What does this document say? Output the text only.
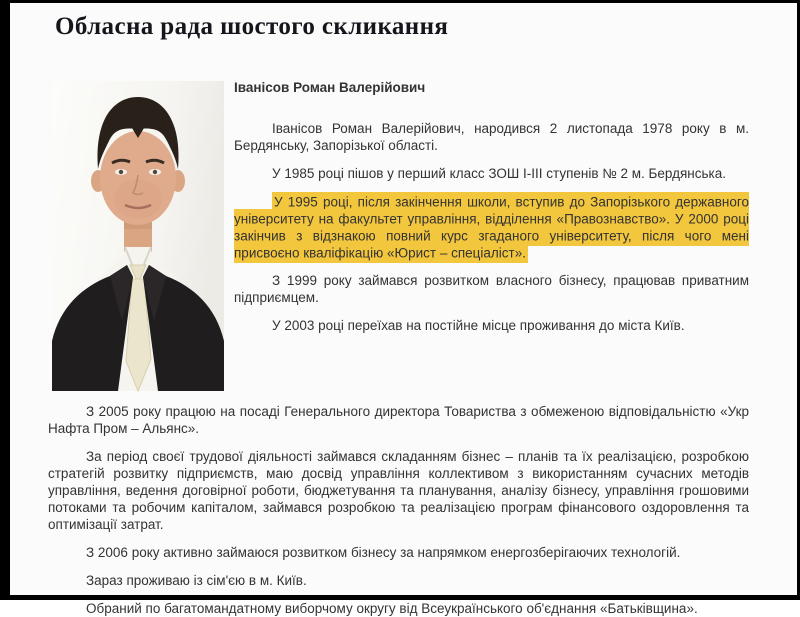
Обласна рада шостого скликання

Іванісов Роман Валерійович

Іванісов Роман Валерійович, народився 2 листопада 1978 року в м. Бердянську, Запорізької області.

У 1985 році пішов у перший класс ЗОШ І-ІІІ ступенів № 2 м. Бердянська.

У 1995 році, після закінчення школи, вступив до Запорізького державного університету на факультет управління, відділення «Правознавство». У 2000 році закінчив з відзнакою повний курс згаданого університету, після чого мені присвоєно кваліфікацію «Юрист – спеціаліст».

З 1999 року займався розвитком власного бізнесу, працював приватним підприємцем.

У 2003 році переїхав на постійне місце проживання до міста Київ.

З 2005 року працюю на посаді Генерального директора Товариства з обмеженою відповідальністю «Укр Нафта Пром – Альянс».

За період своєї трудової діяльності займався складанням бізнес – планів та їх реалізацією, розробкою стратегій розвитку підприємств, маю досвід управління коллективом з використанням сучасних методів управління, ведення договірної роботи, бюджетування та планування, аналізу бізнесу, управління грошовими потоками та робочим капіталом, займався розробкою та реалізацією програм фінансового оздоровлення та оптимізації затрат.

З 2006 року активно займаюся розвитком бізнесу за напрямком енергозберігаючих технологій.

Зараз проживаю із сім'єю в м. Київ.

Обраний по багатомандатному виборчому округу від Всеукраїнського об'єднання «Батьківщина».
